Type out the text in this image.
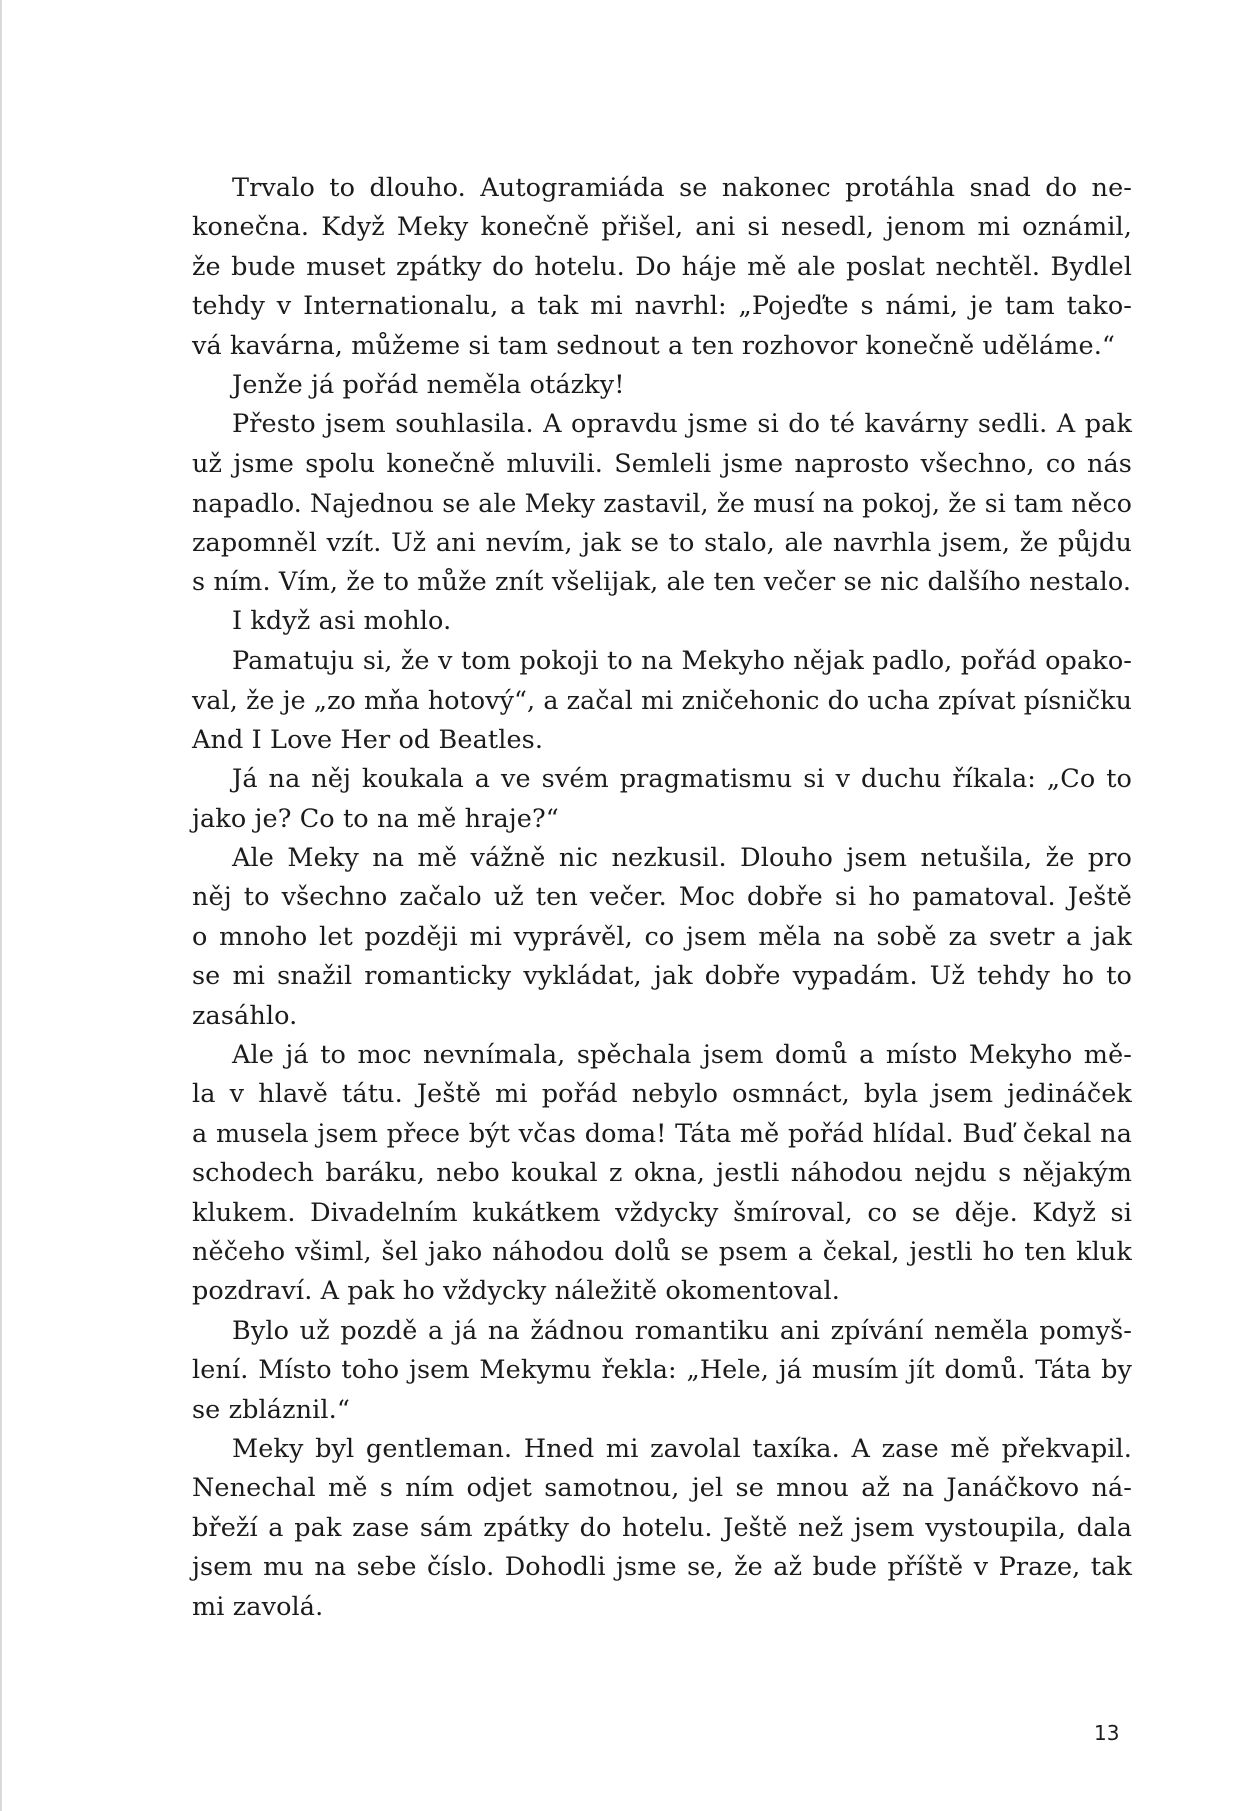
Trvalo to dlouho. Autogramiáda se nakonec protáhla snad do ne-
konečna. Když Meky konečně přišel, ani si nesedl, jenom mi oznámil,
že bude muset zpátky do hotelu. Do háje mě ale poslat nechtěl. Bydlel
tehdy v Internationalu, a tak mi navrhl: „Pojeďte s námi, je tam tako-
vá kavárna, můžeme si tam sednout a ten rozhovor konečně uděláme.“

Jenže já pořád neměla otázky!

Přesto jsem souhlasila. A opravdu jsme si do té kavárny sedli. A pak
už jsme spolu konečně mluvili. Semleli jsme naprosto všechno, co nás
napadlo. Najednou se ale Meky zastavil, že musí na pokoj, že si tam něco
zapomněl vzít. Už ani nevím, jak se to stalo, ale navrhla jsem, že půjdu
s ním. Vím, že to může znít všelijak, ale ten večer se nic dalšího nestalo.

I když asi mohlo.

Pamatuju si, že v tom pokoji to na Mekyho nějak padlo, pořád opako-
val, že je „zo mňa hotový“, a začal mi zničehonic do ucha zpívat písničku
And I Love Her od Beatles.

Já na něj koukala a ve svém pragmatismu si v duchu říkala: „Co to
jako je? Co to na mě hraje?“

Ale Meky na mě vážně nic nezkusil. Dlouho jsem netušila, že pro
něj to všechno začalo už ten večer. Moc dobře si ho pamatoval. Ještě
o mnoho let později mi vyprávěl, co jsem měla na sobě za svetr a jak
se mi snažil romanticky vykládat, jak dobře vypadám. Už tehdy ho to
zasáhlo.

Ale já to moc nevnímala, spěchala jsem domů a místo Mekyho mě-
la v hlavě tátu. Ještě mi pořád nebylo osmnáct, byla jsem jedináček
a musela jsem přece být včas doma! Táta mě pořád hlídal. Buď čekal na
schodech baráku, nebo koukal z okna, jestli náhodou nejdu s nějakým
klukem. Divadelním kukátkem vždycky šmíroval, co se děje. Když si
něčeho všiml, šel jako náhodou dolů se psem a čekal, jestli ho ten kluk
pozdraví. A pak ho vždycky náležitě okomentoval.

Bylo už pozdě a já na žádnou romantiku ani zpívání neměla pomyš-
lení. Místo toho jsem Mekymu řekla: „Hele, já musím jít domů. Táta by
se zbláznil.“

Meky byl gentleman. Hned mi zavolal taxíka. A zase mě překvapil.
Nenechal mě s ním odjet samotnou, jel se mnou až na Janáčkovo ná-
břeží a pak zase sám zpátky do hotelu. Ještě než jsem vystoupila, dala
jsem mu na sebe číslo. Dohodli jsme se, že až bude příště v Praze, tak
mi zavolá.

13
